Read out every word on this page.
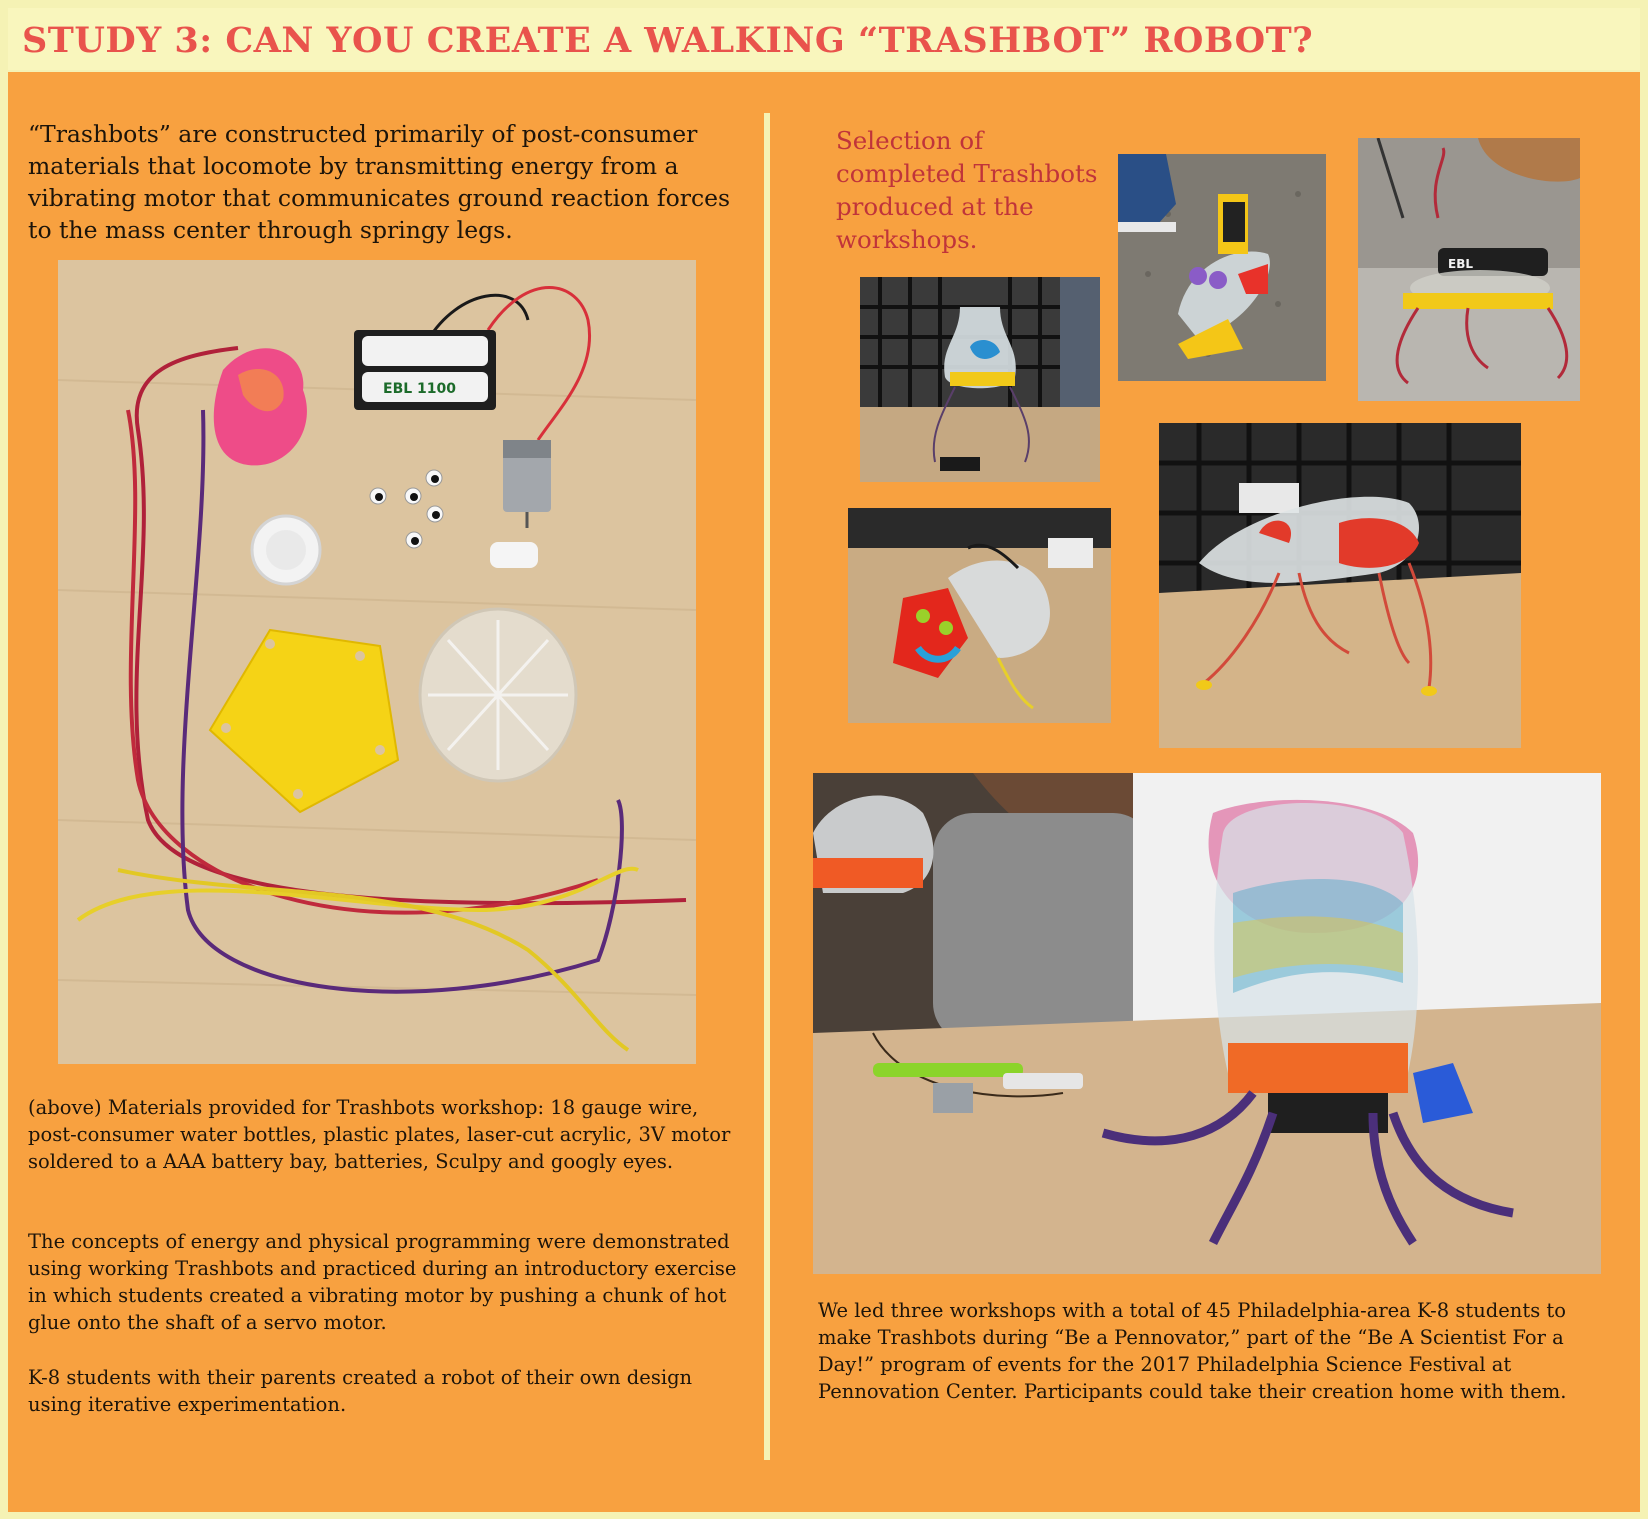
STUDY 3: CAN YOU CREATE A WALKING “TRASHBOT” ROBOT?

“Trashbots” are constructed primarily of post-consumer materials that locomote by transmitting energy from a vibrating motor that communicates ground reaction forces to the mass center through springy legs.

EBL 1100

(above) Materials provided for Trashbots workshop: 18 gauge wire, post-consumer water bottles, plastic plates, laser-cut acrylic, 3V motor soldered to a AAA battery bay, batteries, Sculpy and googly eyes.

The concepts of energy and physical programming were demonstrated using working Trashbots and practiced during an introductory exercise in which students created a vibrating motor by pushing a chunk of hot glue onto the shaft of a servo motor.

K-8 students with their parents created a robot of their own design using iterative experimentation.

Selection of completed Trashbots produced at the workshops.

EBL

We led three workshops with a total of 45 Philadelphia-area K-8 students to make Trashbots during “Be a Pennovator,” part of the “Be A Scientist For a Day!” program of events for the 2017 Philadelphia Science Festival at Pennovation Center. Participants could take their creation home with them.
